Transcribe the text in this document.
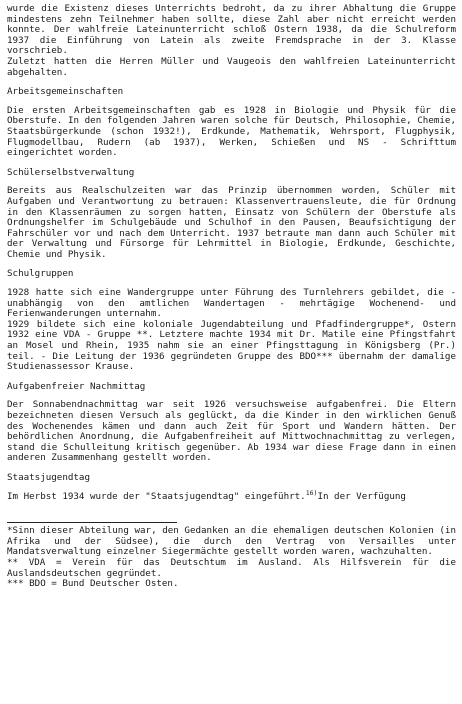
wurde die Existenz dieses Unterrichts bedroht, da zu ihrer Abhaltung die Gruppe mindestens zehn Teilnehmer haben sollte, diese Zahl aber nicht erreicht werden konnte. Der wahlfreie Lateinunterricht schloß Ostern 1938, da die Schulreform 1937 die Einführung von Latein als zweite Fremdsprache in der 3. Klasse vorschrieb.

Zuletzt hatten die Herren Müller und Vaugeois den wahlfreien Lateinunterricht abgehalten.

Arbeitsgemeinschaften

Die ersten Arbeitsgemeinschaften gab es 1928 in Biologie und Physik für die Oberstufe. In den folgenden Jahren waren solche für Deutsch, Philosophie, Chemie, Staatsbürgerkunde (schon 1932!), Erdkunde, Mathematik, Wehrsport, Flugphysik, Flugmodellbau, Rudern (ab 1937), Werken, Schießen und NS - Schrifttum eingerichtet worden.

Schülerselbstverwaltung

Bereits aus Realschulzeiten war das Prinzip übernommen worden, Schüler mit Aufgaben und Verantwortung zu betrauen: Klassenvertrauensleute, die für Ordnung in den Klassenräumen zu sorgen hatten, Einsatz von Schülern der Oberstufe als Ordnungshelfer im Schulgebäude und Schulhof in den Pausen, Beaufsichtigung der Fahrschüler vor und nach dem Unterricht. 1937 betraute man dann auch Schüler mit der Verwaltung und Fürsorge für Lehrmittel in Biologie, Erdkunde, Geschichte, Chemie und Physik.

Schulgruppen

1928 hatte sich eine Wandergruppe unter Führung des Turnlehrers gebildet, die - unabhängig von den amtlichen Wandertagen - mehrtägige Wochenend- und Ferienwanderungen unternahm.

1929 bildete sich eine koloniale Jugendabteilung und Pfadfindergruppe*, Ostern 1932 eine VDA - Gruppe **. Letztere machte 1934 mit Dr. Matile eine Pfingstfahrt an Mosel und Rhein, 1935 nahm sie an einer Pfingsttagung in Königsberg (Pr.) teil. - Die Leitung der 1936 gegründeten Gruppe des BDO*** übernahm der damalige Studienassessor Krause.

Aufgabenfreier Nachmittag

Der Sonnabendnachmittag war seit 1926 versuchsweise aufgabenfrei. Die Eltern bezeichneten diesen Versuch als geglückt, da die Kinder in den wirklichen Genuß des Wochenendes kämen und dann auch Zeit für Sport und Wandern hätten. Der behördlichen Anordnung, die Aufgabenfreiheit auf Mittwochnachmittag zu verlegen, stand die Schulleitung kritisch gegenüber. Ab 1934 war diese Frage dann in einen anderen Zusammenhang gestellt worden.

Staatsjugendtag

Im Herbst 1934 wurde der "Staatsjugendtag" eingeführt.$^{16)}$In der Verfügung

*Sinn dieser Abteilung war, den Gedanken an die ehemaligen deutschen Kolonien (in Afrika und der Südsee), die durch den Vertrag von Versailles unter Mandatsverwaltung einzelner Siegermächte gestellt worden waren, wachzuhalten.

** VDA = Verein für das Deutschtum im Ausland. Als Hilfsverein für die Auslandsdeutschen gegründet.

*** BDO = Bund Deutscher Osten.
